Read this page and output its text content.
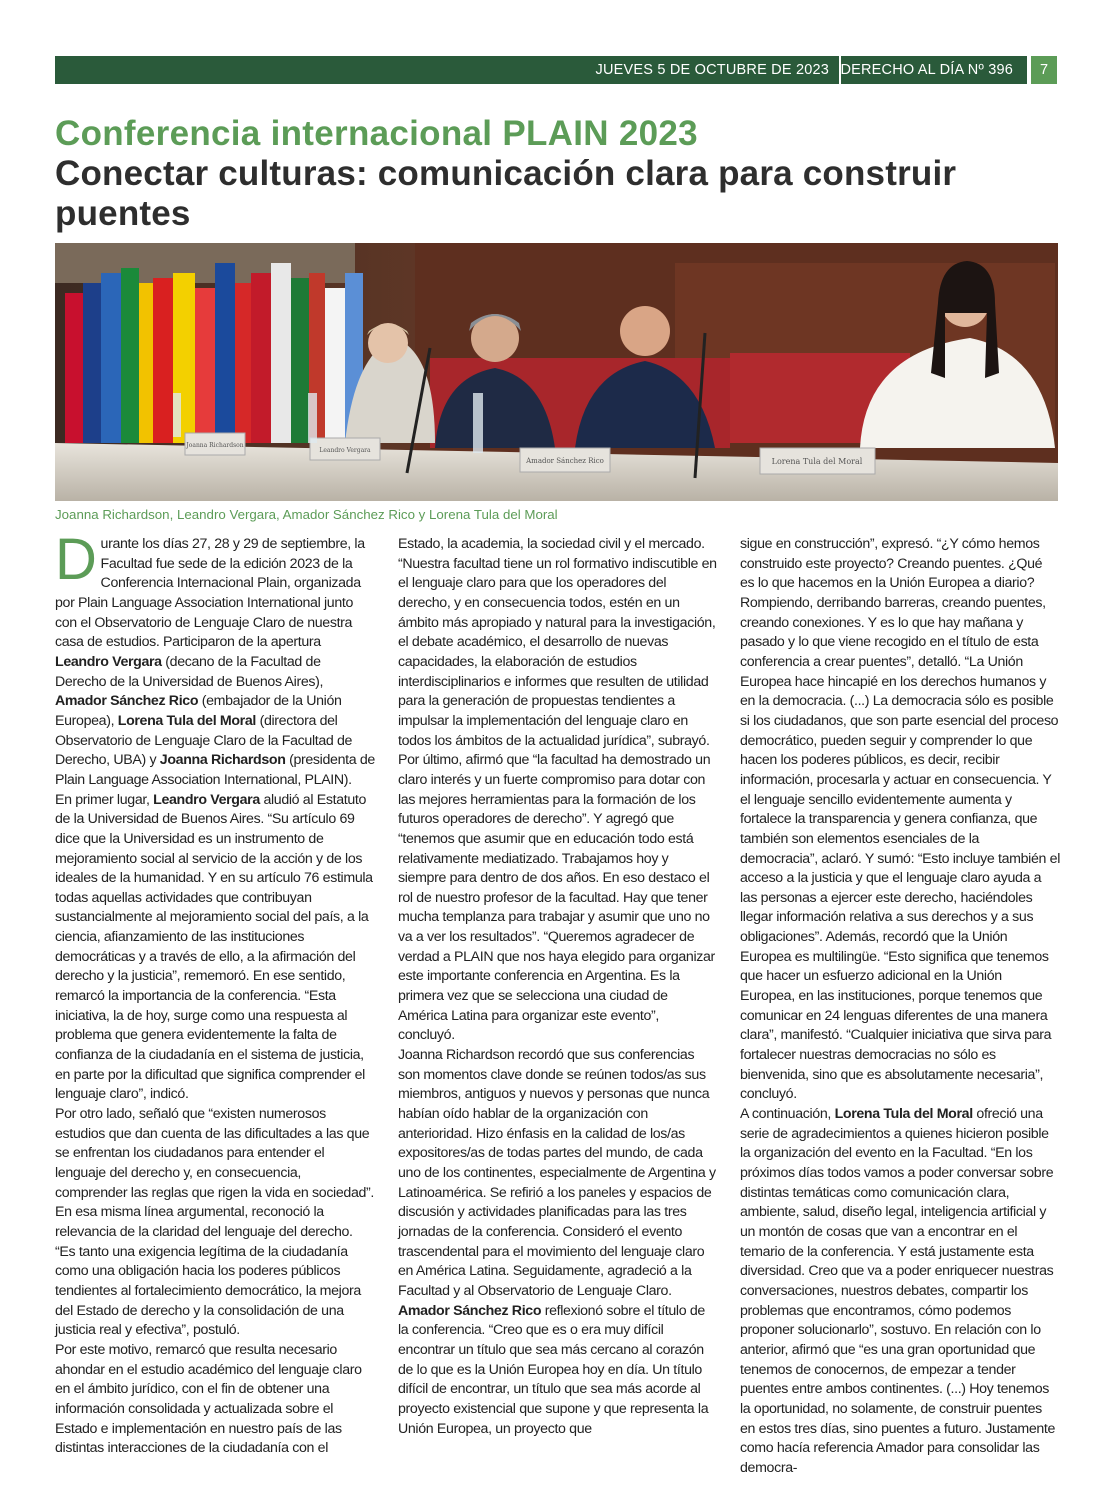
JUEVES 5 DE OCTUBRE DE 2023 DERECHO AL DÍA Nº 396	7
Conferencia internacional PLAIN 2023
Conectar culturas: comunicación clara para construir puentes
Joanna Richardson
Leandro Vergara
Amador Sánchez Rico	Lorena Tula del Moral

Joanna Richardson, Leandro Vergara, Amador Sánchez Rico y Lorena Tula del Moral

Durante los días 27, 28 y 29 de septiembre, la Facultad fue sede de la edición 2023 de la Conferencia Internacional Plain, organizada por Plain Language Association International junto con el Observatorio de Lenguaje Claro de nuestra casa de estudios. Participaron de la apertura Leandro Vergara (decano de la Facultad de Derecho de la Universidad de Buenos Aires), Amador Sánchez Rico (embajador de la Unión Europea), Lorena Tula del Moral (directora del Observatorio de Lenguaje Claro de la Facultad de Derecho, UBA) y Joanna Richardson (presidenta de Plain Language Association International, PLAIN).

En primer lugar, Leandro Vergara aludió al Estatuto de la Universidad de Buenos Aires. “Su artículo 69 dice que la Universidad es un instrumento de mejoramiento social al servicio de la acción y de los ideales de la humanidad. Y en su artículo 76 estimula todas aquellas actividades que contribuyan sustancialmente al mejoramiento social del país, a la ciencia, afianzamiento de las instituciones democráticas y a través de ello, a la afirmación del derecho y la justicia”, rememoró. En ese sentido, remarcó la importancia de la conferencia. “Esta iniciativa, la de hoy, surge como una respuesta al problema que genera evidentemente la falta de confianza de la ciudadanía en el sistema de justicia, en parte por la dificultad que significa comprender el lenguaje claro”, indicó.

Por otro lado, señaló que “existen numerosos estudios que dan cuenta de las dificultades a las que se enfrentan los ciudadanos para entender el lenguaje del derecho y, en consecuencia, comprender las reglas que rigen la vida en sociedad”. En esa misma línea argumental, reconoció la relevancia de la claridad del lenguaje del derecho. “Es tanto una exigencia legítima de la ciudadanía como una obligación hacia los poderes públicos tendientes al fortalecimiento democrático, la mejora del Estado de derecho y la consolidación de una justicia real y efectiva”, postuló.

Por este motivo, remarcó que resulta necesario ahondar en el estudio académico del lenguaje claro en el ámbito jurídico, con el fin de obtener una información consolidada y actualizada sobre el Estado e implementación en nuestro país de las distintas interacciones de la ciudadanía con el

Estado, la academia, la sociedad civil y el mercado. “Nuestra facultad tiene un rol formativo indiscutible en el lenguaje claro para que los operadores del derecho, y en consecuencia todos, estén en un ámbito más apropiado y natural para la investigación, el debate académico, el desarrollo de nuevas capacidades, la elaboración de estudios interdisciplinarios e informes que resulten de utilidad para la generación de propuestas tendientes a impulsar la implementación del lenguaje claro en todos los ámbitos de la actualidad jurídica”, subrayó.

Por último, afirmó que “la facultad ha demostrado un claro interés y un fuerte compromiso para dotar con las mejores herramientas para la formación de los futuros operadores de derecho”. Y agregó que “tenemos que asumir que en educación todo está relativamente mediatizado. Trabajamos hoy y siempre para dentro de dos años. En eso destaco el rol de nuestro profesor de la facultad. Hay que tener mucha templanza para trabajar y asumir que uno no va a ver los resultados”. “Queremos agradecer de verdad a PLAIN que nos haya elegido para organizar este importante conferencia en Argentina. Es la primera vez que se selecciona una ciudad de América Latina para organizar este evento”, concluyó.

Joanna Richardson recordó que sus conferencias son momentos clave donde se reúnen todos/as sus miembros, antiguos y nuevos y personas que nunca habían oído hablar de la organización con anterioridad. Hizo énfasis en la calidad de los/as expositores/as de todas partes del mundo, de cada uno de los continentes, especialmente de Argentina y Latinoamérica. Se refirió a los paneles y espacios de discusión y actividades planificadas para las tres jornadas de la conferencia. Consideró el evento trascendental para el movimiento del lenguaje claro en América Latina. Seguidamente, agradeció a la Facultad y al Observatorio de Lenguaje Claro.

Amador Sánchez Rico reflexionó sobre el título de la conferencia. “Creo que es o era muy difícil encontrar un título que sea más cercano al corazón de lo que es la Unión Europea hoy en día. Un título difícil de encontrar, un título que sea más acorde al proyecto existencial que supone y que representa la Unión Europea, un proyecto que

sigue en construcción”, expresó. “¿Y cómo hemos construido este proyecto? Creando puentes. ¿Qué es lo que hacemos en la Unión Europea a diario? Rompiendo, derribando barreras, creando puentes, creando conexiones. Y es lo que hay mañana y pasado y lo que viene recogido en el título de esta conferencia a crear puentes”, detalló. “La Unión Europea hace hincapié en los derechos humanos y en la democracia. (...) La democracia sólo es posible si los ciudadanos, que son parte esencial del proceso democrático, pueden seguir y comprender lo que hacen los poderes públicos, es decir, recibir información, procesarla y actuar en consecuencia. Y el lenguaje sencillo evidentemente aumenta y fortalece la transparencia y genera confianza, que también son elementos esenciales de la democracia”, aclaró. Y sumó: “Esto incluye también el acceso a la justicia y que el lenguaje claro ayuda a las personas a ejercer este derecho, haciéndoles llegar información relativa a sus derechos y a sus obligaciones”. Además, recordó que la Unión Europea es multilingüe. “Esto significa que tenemos que hacer un esfuerzo adicional en la Unión Europea, en las instituciones, porque tenemos que comunicar en 24 lenguas diferentes de una manera clara”, manifestó. “Cualquier iniciativa que sirva para fortalecer nuestras democracias no sólo es bienvenida, sino que es absolutamente necesaria”, concluyó.

A continuación, Lorena Tula del Moral ofreció una serie de agradecimientos a quienes hicieron posible la organización del evento en la Facultad. “En los próximos días todos vamos a poder conversar sobre distintas temáticas como comunicación clara, ambiente, salud, diseño legal, inteligencia artificial y un montón de cosas que van a encontrar en el temario de la conferencia. Y está justamente esta diversidad. Creo que va a poder enriquecer nuestras conversaciones, nuestros debates, compartir los problemas que encontramos, cómo podemos proponer solucionarlo”, sostuvo. En relación con lo anterior, afirmó que “es una gran oportunidad que tenemos de conocernos, de empezar a tender puentes entre ambos continentes. (...) Hoy tenemos la oportunidad, no solamente, de construir puentes en estos tres días, sino puentes a futuro. Justamente como hacía referencia Amador para consolidar las democra-
